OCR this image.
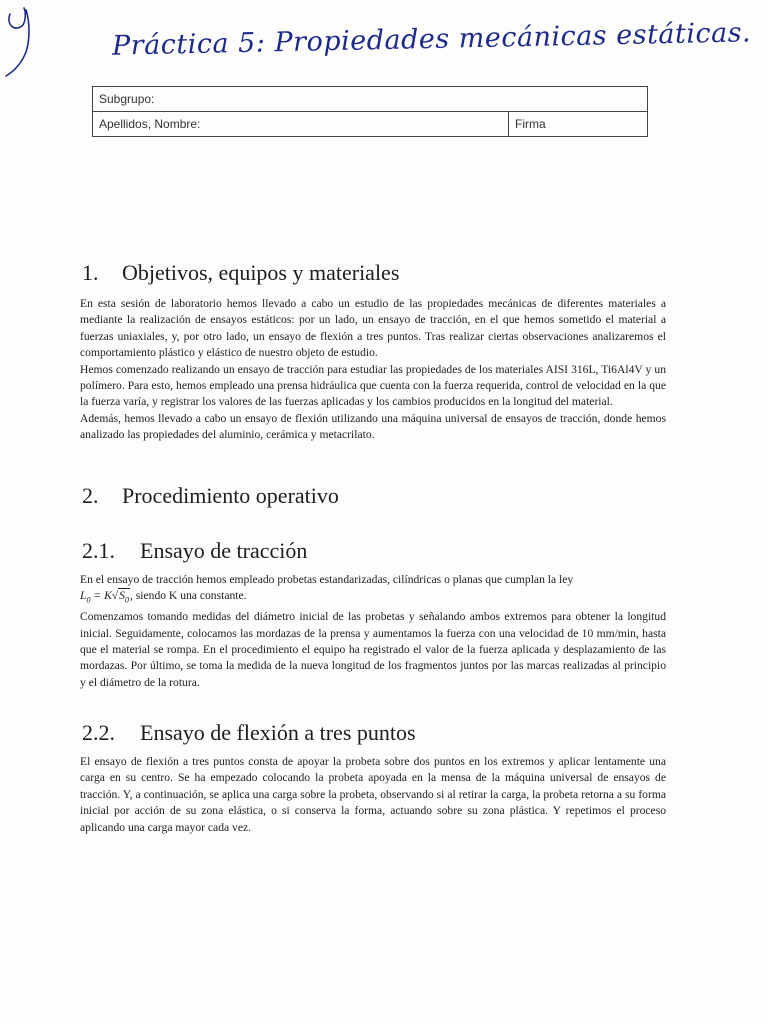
Práctica 5: Propiedades mecánicas estáticas.
Subgrupo:
Apellidos, Nombre:	Firma
1. Objetivos, equipos y materiales
En esta sesión de laboratorio hemos llevado a cabo un estudio de las propiedades mecánicas de diferentes materiales a mediante la realización de ensayos estáticos: por un lado, un ensayo de tracción, en el que hemos sometido el material a fuerzas uniaxiales, y, por otro lado, un ensayo de flexión a tres puntos. Tras realizar ciertas observaciones analizaremos el comportamiento plástico y elástico de nuestro objeto de estudio.
Hemos comenzado realizando un ensayo de tracción para estudiar las propiedades de los materiales AISI 316L, Ti6Al4V y un polímero. Para esto, hemos empleado una prensa hidráulica que cuenta con la fuerza requerida, control de velocidad en la que la fuerza varía, y registrar los valores de las fuerzas aplicadas y los cambios producidos en la longitud del material.
Además, hemos llevado a cabo un ensayo de flexión utilizando una máquina universal de ensayos de tracción, donde hemos analizado las propiedades del aluminio, cerámica y metacrilato.
2. Procedimiento operativo
2.1. Ensayo de tracción
En el ensayo de tracción hemos empleado probetas estandarizadas, cilíndricas o planas que cumplan la ley
$L_0 = K√S_0$, siendo K una constante.
Comenzamos tomando medidas del diámetro inicial de las probetas y señalando ambos extremos para obtener la longitud inicial. Seguidamente, colocamos las mordazas de la prensa y aumentamos la fuerza con una velocidad de 10 mm/min, hasta que el material se rompa. En el procedimiento el equipo ha registrado el valor de la fuerza aplicada y desplazamiento de las mordazas. Por último, se toma la medida de la nueva longitud de los fragmentos juntos por las marcas realizadas al principio y el diámetro de la rotura.
2.2. Ensayo de flexión a tres puntos
El ensayo de flexión a tres puntos consta de apoyar la probeta sobre dos puntos en los extremos y aplicar lentamente una carga en su centro. Se ha empezado colocando la probeta apoyada en la mensa de la máquina universal de ensayos de tracción. Y, a continuación, se aplica una carga sobre la probeta, observando si al retirar la carga, la probeta retorna a su forma inicial por acción de su zona elástica, o si conserva la forma, actuando sobre su zona plástica. Y repetimos el proceso aplicando una carga mayor cada vez.
